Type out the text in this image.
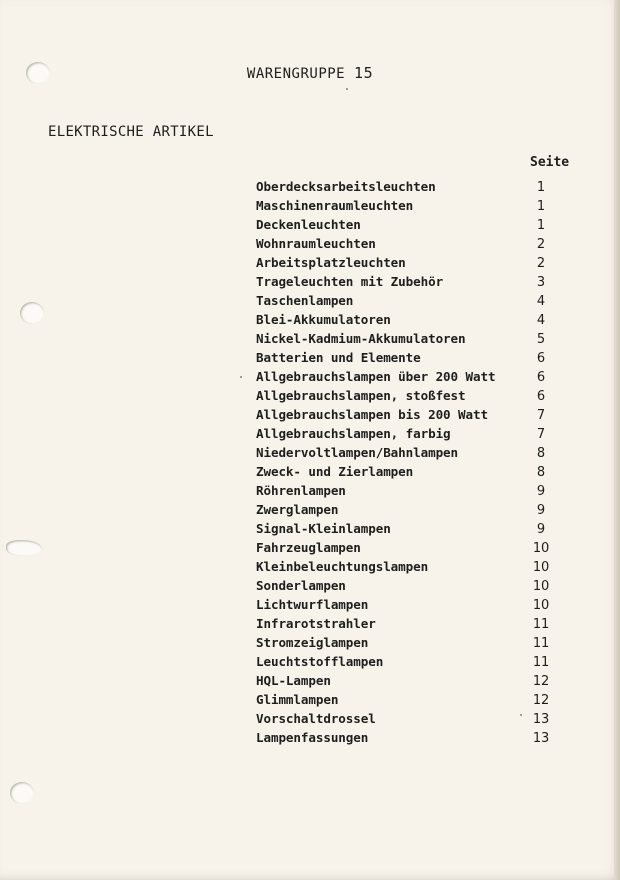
WARENGRUPPE 15
ELEKTRISCHE ARTIKEL
Seite
Oberdecksarbeitsleuchten	1
Maschinenraumleuchten	1
Deckenleuchten	1
Wohnraumleuchten	2
Arbeitsplatzleuchten	2
Trageleuchten mit Zubehör	3
Taschenlampen	4
Blei-Akkumulatoren	4
Nickel-Kadmium-Akkumulatoren	5
Batterien und Elemente	6
Allgebrauchslampen über 200 Watt	6
Allgebrauchslampen, stoßfest	6
Allgebrauchslampen bis 200 Watt	7
Allgebrauchslampen, farbig	7
Niedervoltlampen/Bahnlampen	8
Zweck- und Zierlampen	8
Röhrenlampen	9
Zwerglampen	9
Signal-Kleinlampen	9
Fahrzeuglampen	10
Kleinbeleuchtungslampen	10
Sonderlampen	10
Lichtwurflampen	10
Infrarotstrahler	11
Stromzeiglampen	11
Leuchtstofflampen	11
HQL-Lampen	12
Glimmlampen	12
Vorschaltdrossel	13
Lampenfassungen	13
